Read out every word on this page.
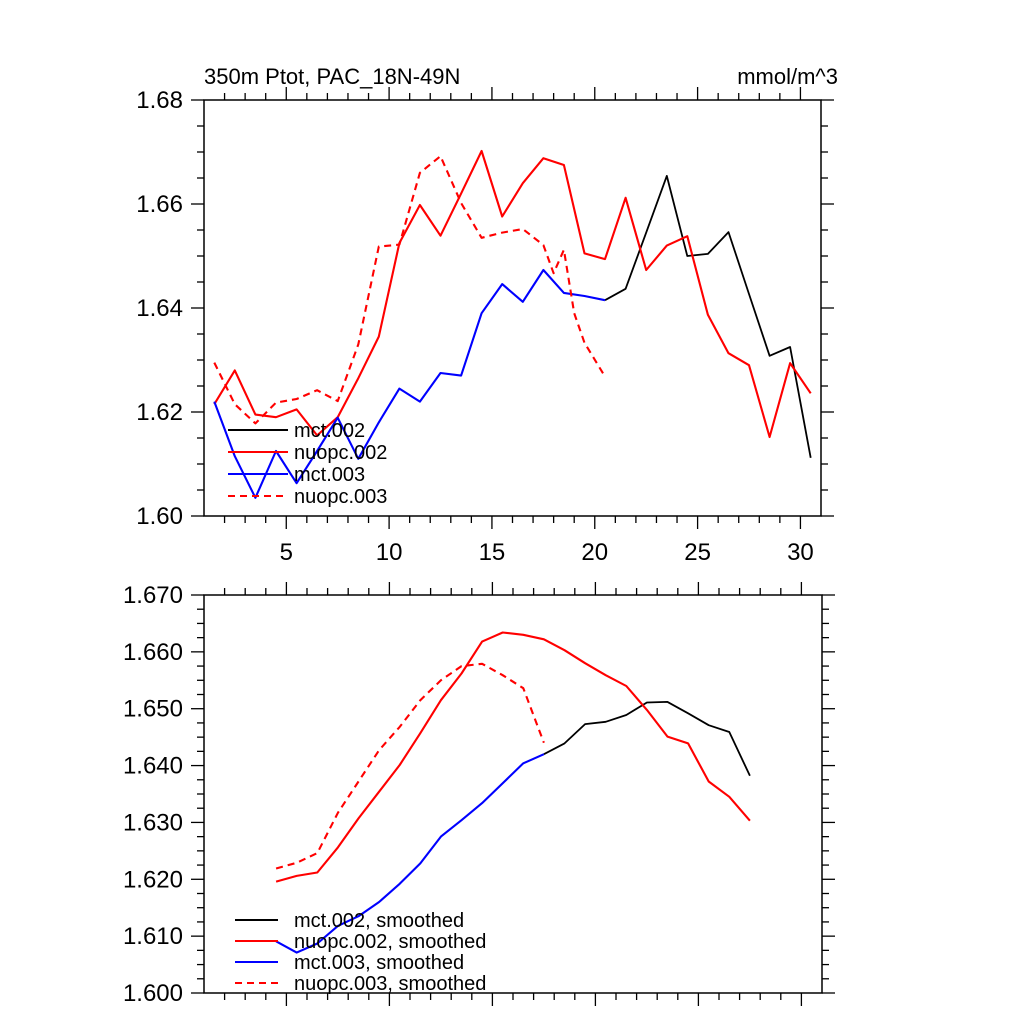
350m Ptot, PAC_18N-49N	mmol/m^3
1.60
1.62
1.64
1.66
1.68
5	10	15	20	25	30
mct.002
nuopc.002
mct.003
nuopc.003
1.600
1.610
1.620
1.630
1.640
1.650
1.660
1.670
mct.002, smoothed
nuopc.002, smoothed
mct.003, smoothed
nuopc.003, smoothed
